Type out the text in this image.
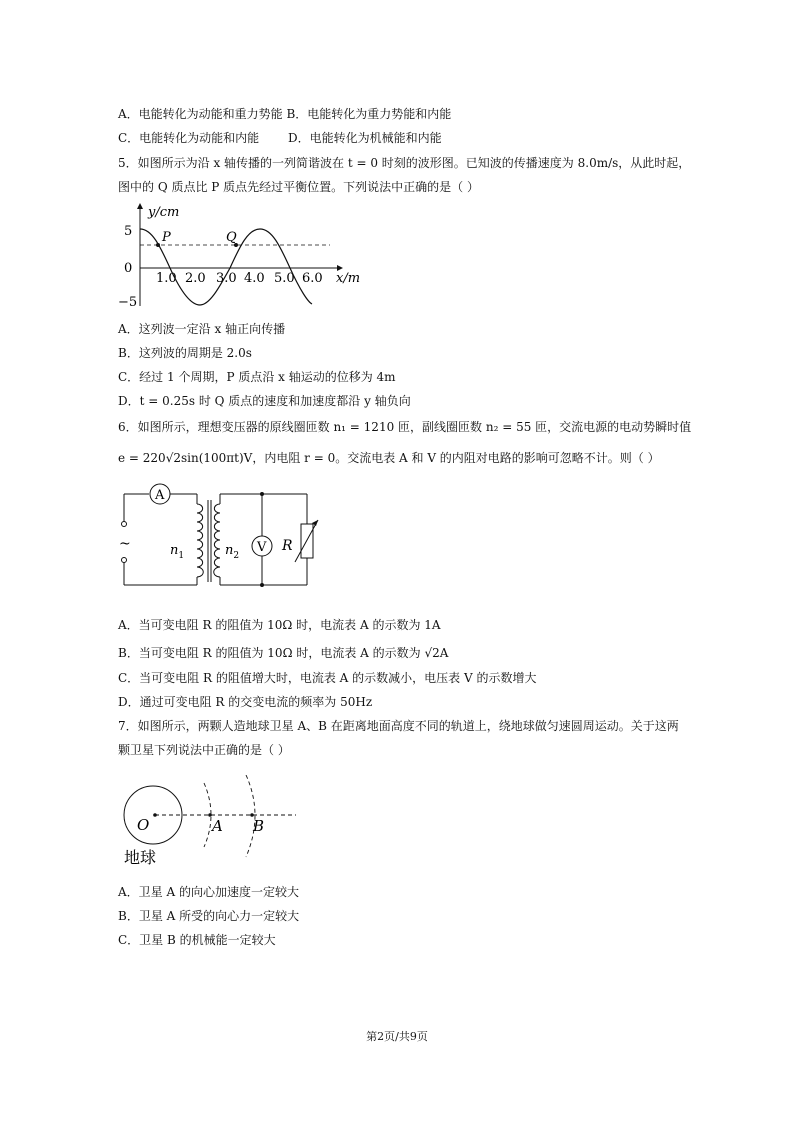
A．电能转化为动能和重力势能 B．电能转化为重力势能和内能
C．电能转化为动能和内能 D．电能转化为机械能和内能
5．如图所示为沿 x 轴传播的一列简谐波在 t = 0 时刻的波形图。已知波的传播速度为 8.0m/s，从此时起，
图中的 Q 质点比 P 质点先经过平衡位置。下列说法中正确的是（ ）
y/cm
x/m
5
0
−5
1.0 2.0 3.0 4.0 5.0 6.0
P	Q
A．这列波一定沿 x 轴正向传播
B．这列波的周期是 2.0s
C．经过 1 个周期，P 质点沿 x 轴运动的位移为 4m
D．t = 0.25s 时 Q 质点的速度和加速度都沿 y 轴负向
6．如图所示，理想变压器的原线圈匝数 n₁ = 1210 匝，副线圈匝数 n₂ = 55 匝，交流电源的电动势瞬时值
e = 220√2sin(100πt)V，内电阻 r = 0。交流电表 A 和 V 的内阻对电路的影响可忽略不计。则（ ）
~
A
$n_1$	$n_2$
V R
A．当可变电阻 R 的阻值为 10Ω 时，电流表 A 的示数为 1A
B．当可变电阻 R 的阻值为 10Ω 时，电流表 A 的示数为 √2A
C．当可变电阻 R 的阻值增大时，电流表 A 的示数减小，电压表 V 的示数增大
D．通过可变电阻 R 的交变电流的频率为 50Hz
7．如图所示，两颗人造地球卫星 A、B 在距离地面高度不同的轨道上，绕地球做匀速圆周运动。关于这两
颗卫星下列说法中正确的是（ ）
O	A B
地球
A．卫星 A 的向心加速度一定较大
B．卫星 A 所受的向心力一定较大
C．卫星 B 的机械能一定较大
第2页/共9页
